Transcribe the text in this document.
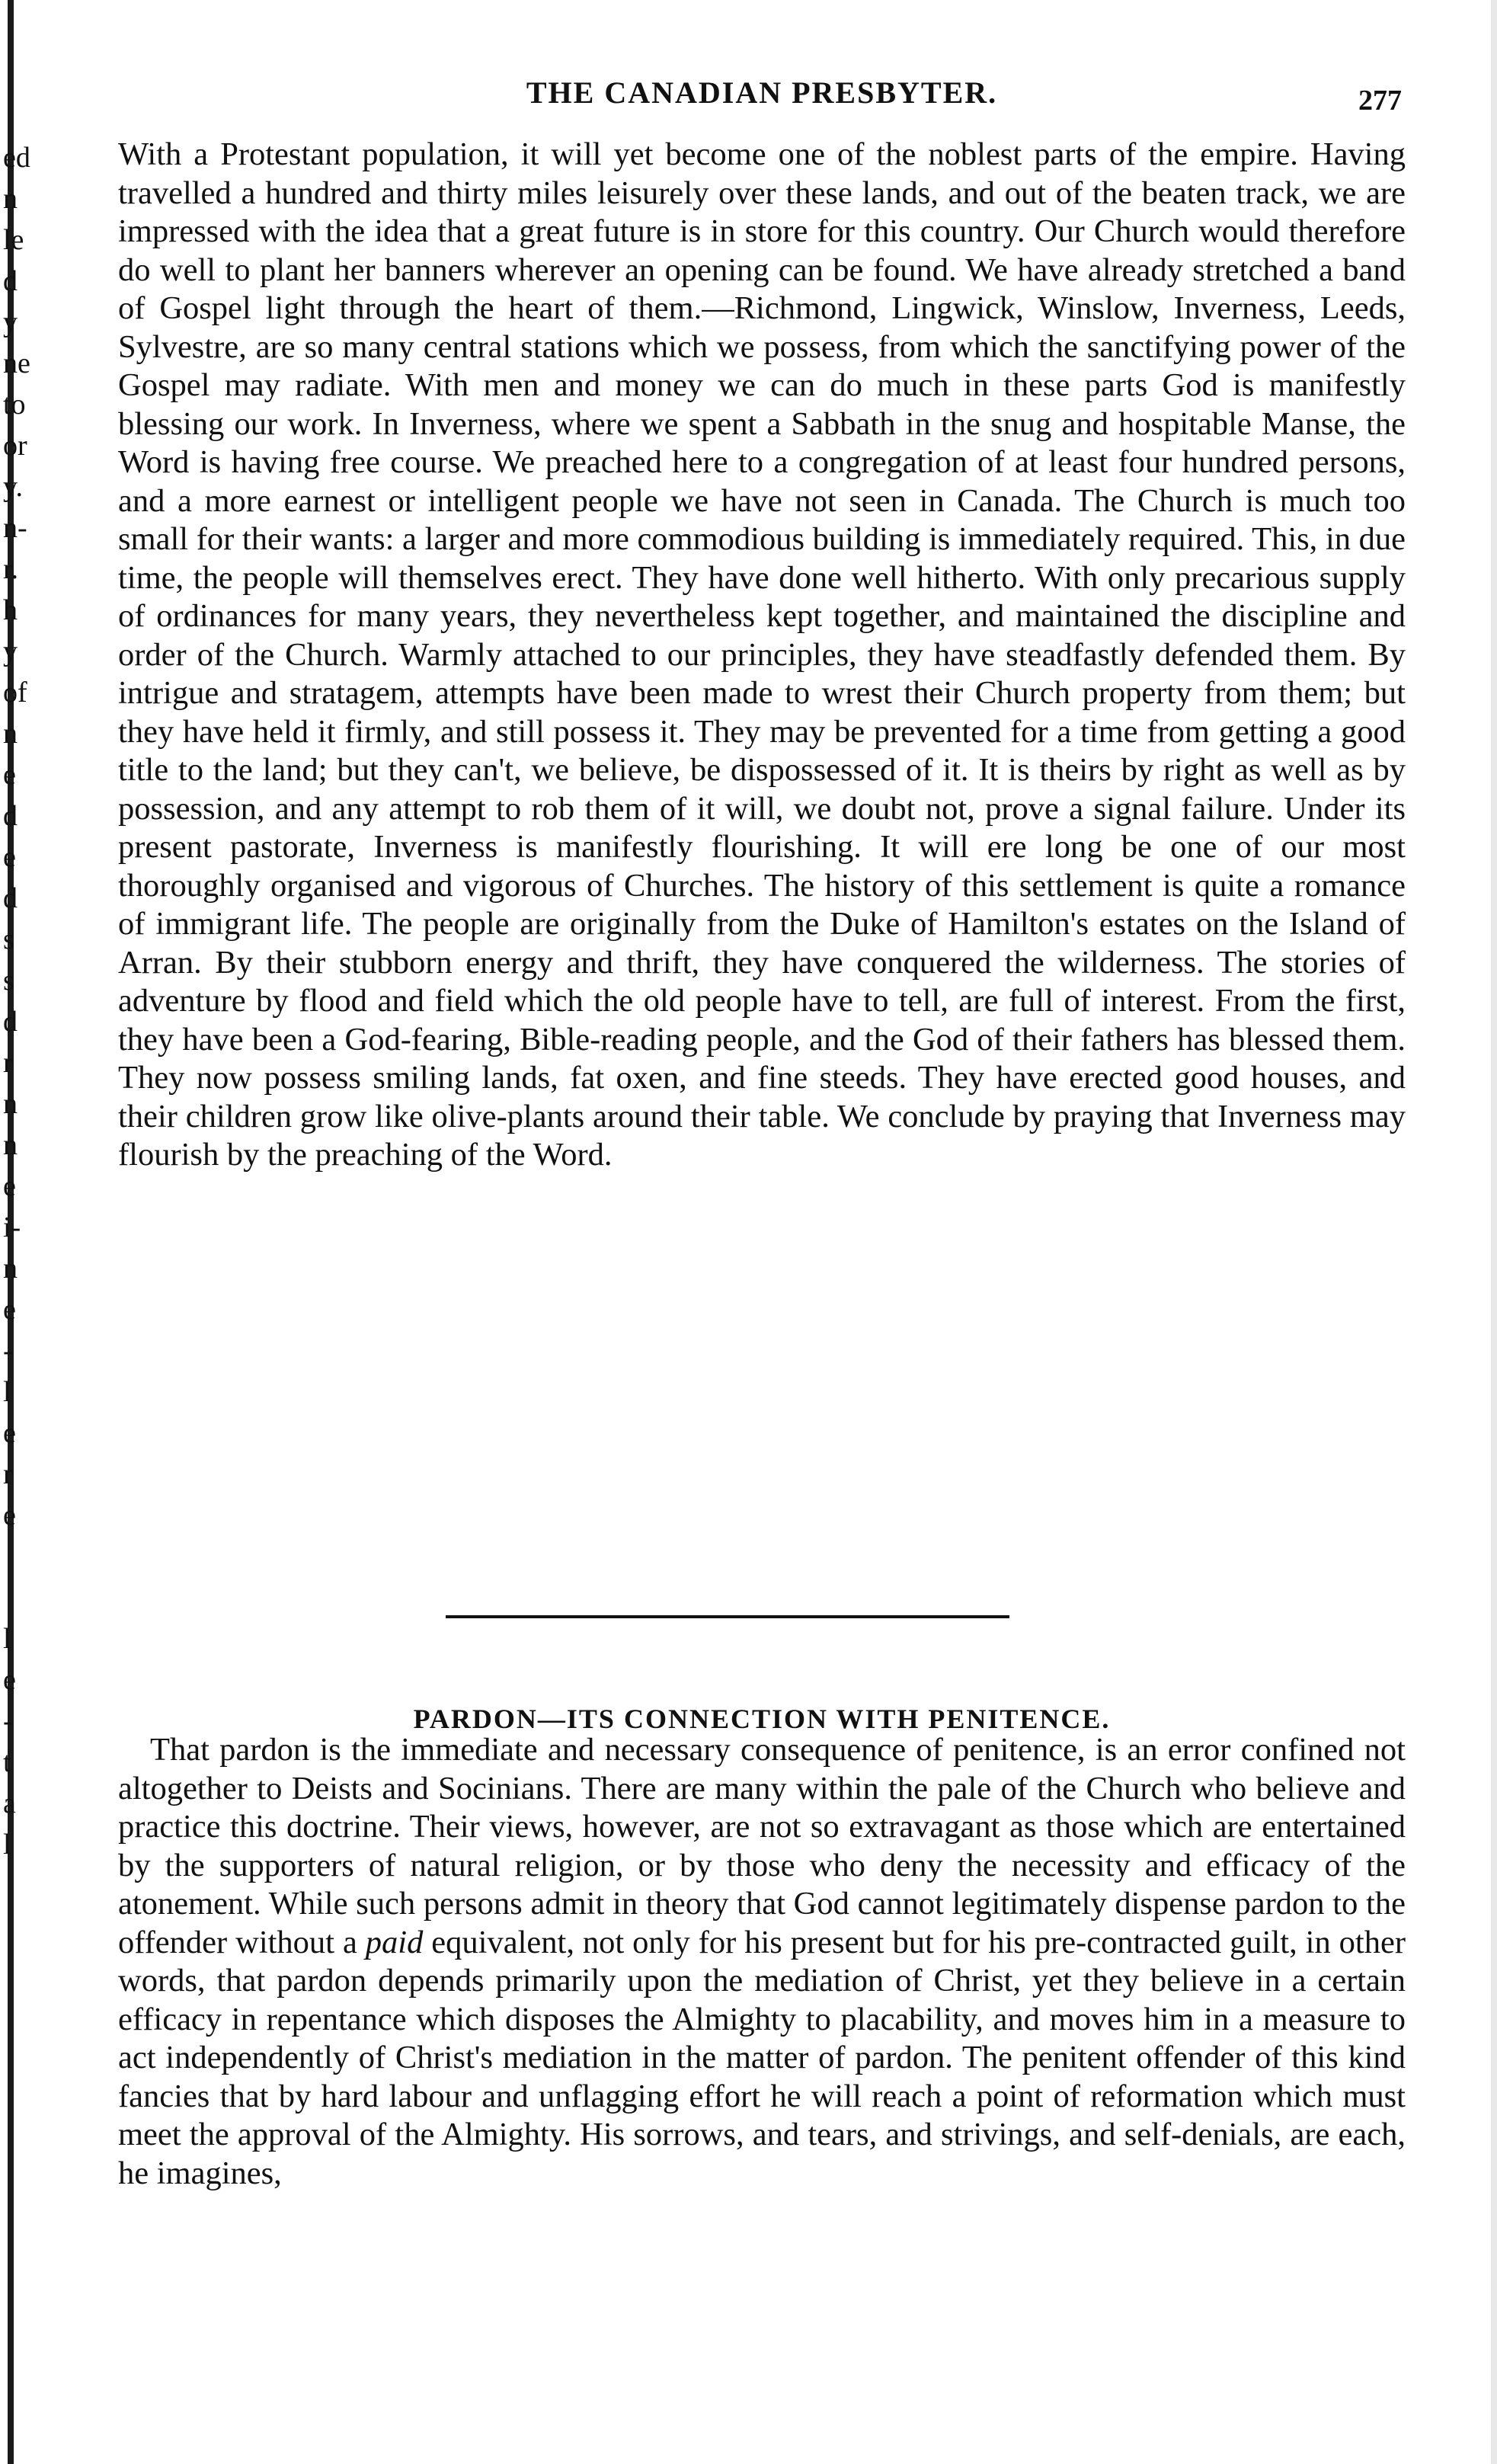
ed
n
le
d
y
ne
to
or
y.
n-
r.
h
y
of
n
e
d
e
d
s
s
d
r
n
n
e
i-
n
e
-
l
e
r
e
l
e
-
t
a
l
THE CANADIAN PRESBYTER.	277

With a Protestant population, it will yet become one of the noblest parts of the empire. Having travelled a hundred and thirty miles leisurely over these lands, and out of the beaten track, we are impressed with the idea that a great future is in store for this country. Our Church would therefore do well to plant her banners wherever an opening can be found. We have already stretched a band of Gospel light through the heart of them.—Richmond, Lingwick, Winslow, Inverness, Leeds, Sylvestre, are so many central stations which we possess, from which the sanctifying power of the Gospel may radiate. With men and money we can do much in these parts God is manifestly blessing our work. In Inverness, where we spent a Sabbath in the snug and hospitable Manse, the Word is having free course. We preached here to a congregation of at least four hundred persons, and a more earnest or intelligent people we have not seen in Canada. The Church is much too small for their wants: a larger and more commodious building is immediately required. This, in due time, the people will themselves erect. They have done well hitherto. With only precarious supply of ordinances for many years, they nevertheless kept together, and maintained the discipline and order of the Church. Warmly attached to our principles, they have steadfastly defended them. By intrigue and stratagem, attempts have been made to wrest their Church property from them; but they have held it firmly, and still possess it. They may be prevented for a time from getting a good title to the land; but they can't, we believe, be dispossessed of it. It is theirs by right as well as by possession, and any attempt to rob them of it will, we doubt not, prove a signal failure. Under its present pastorate, Inverness is manifestly flourishing. It will ere long be one of our most thoroughly organised and vigorous of Churches. The history of this settlement is quite a romance of immigrant life. The people are originally from the Duke of Hamilton's estates on the Island of Arran. By their stubborn energy and thrift, they have conquered the wilderness. The stories of adventure by flood and field which the old people have to tell, are full of interest. From the first, they have been a God-fearing, Bible-reading people, and the God of their fathers has blessed them. They now possess smiling lands, fat oxen, and fine steeds. They have erected good houses, and their children grow like olive-plants around their table. We conclude by praying that Inverness may flourish by the preaching of the Word.

PARDON—ITS CONNECTION WITH PENITENCE.

That pardon is the immediate and necessary consequence of penitence, is an error confined not altogether to Deists and Socinians. There are many within the pale of the Church who believe and practice this doctrine. Their views, however, are not so extravagant as those which are entertained by the supporters of natural religion, or by those who deny the necessity and efficacy of the atonement. While such persons admit in theory that God cannot legitimately dispense pardon to the offender without a paid equivalent, not only for his present but for his pre-contracted guilt, in other words, that pardon depends primarily upon the mediation of Christ, yet they believe in a certain efficacy in repentance which disposes the Almighty to placability, and moves him in a measure to act independently of Christ's mediation in the matter of pardon. The penitent offender of this kind fancies that by hard labour and unflagging effort he will reach a point of reformation which must meet the approval of the Almighty. His sorrows, and tears, and strivings, and self-denials, are each, he imagines,
